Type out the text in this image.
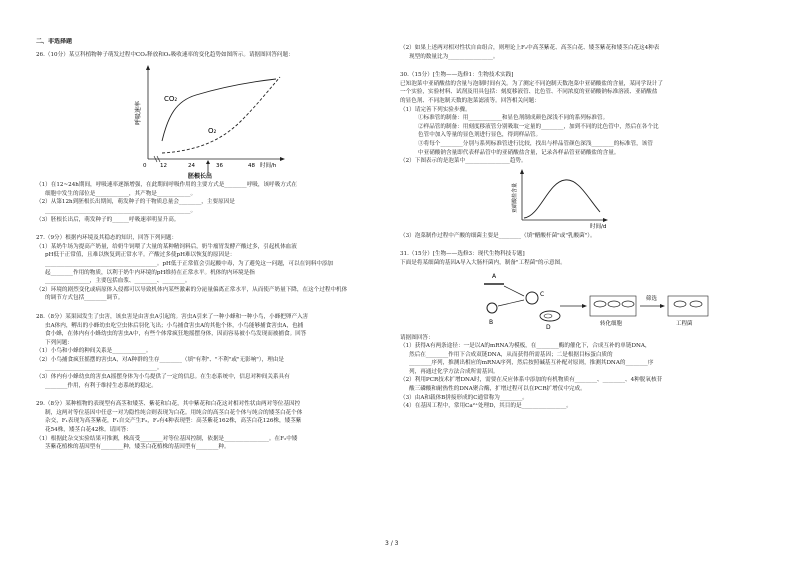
二、非选择题
26.（10分）某豆科植物种子萌发过程中CO₂释放和O₂吸收速率的变化趋势如图所示。请据图回答问题：
呼吸速率
CO₂
O₂
0 12	24	36	48 时间/h
胚根长出
（1）在12~24h期间，呼吸速率逐渐增强，在此期间呼吸作用的主要方式是________呼吸，该呼吸方式在
细胞中发生的部位是____________，其产物是____________。
（2）从第12h到胚根长出期间，萌发种子的干物质总量会________，主要原因是
____________________________________________________。
（3）胚根长出后，萌发种子的______呼吸速率明显升高。
27.（9分）根据内环境及其稳态的知识，回答下列问题：
（1）某奶牛场为提高产奶量，给奶牛饲喂了大量的某种精饲料后，奶牛瘤胃发酵产酸过多，引起机体血液
pH低于正常值，且难以恢复到正常水平。产酸过多使pH难以恢复的原因是：
________________________________________。pH低于正常值会引起酸中毒，为了避免这一问题，可以在饲料中添加
起________作用的物质，以利于奶牛内环境的pH维持在正常水平。机体的内环境是指
________________，主要包括血浆、________、________。
（2）环境的剧烈变化或病原体入侵都可以导致机体内某些激素的分泌量偏离正常水平，从而使产奶量下降，在这个过程中机体
的调节方式包括________调节。
28.（8分）某果园发生了虫害，该虫害是由害虫A引起的。害虫A引来了一种小蜂和一种小鸟，小蜂把卵产入害
虫A体内，孵出的小蜂幼虫吃空虫体后羽化飞出；小鸟捕食害虫A的其他个体，小鸟能够捕食害虫A，也捕
食小蜂，在体内有小蜂幼虫的害虫A中，有些个体常疯狂地摇摆身体，因而容易被小鸟发现而被捕食。回答
下列问题：
（1）小鸟和小蜂的种间关系是____________。
（2）小鸟捕食疯狂摇摆的害虫A，对A种群的生存________（填"有利"、"不利"或"无影响"），理由是
________________________________________。
（3）体内有小蜂幼虫的害虫A摇摆身体为小鸟提供了一定的信息。在生态系统中，信息对种间关系具有
________作用，有利于维持生态系统的稳定。
29.（8分）某种植物的表现型有高茎和矮茎、紫花和白花，其中紫花和白花这对相对性状由两对等位基因控
制，这两对等位基因中任意一对为隐性纯合则表现为白花。用纯合的高茎白花个体与纯合的矮茎白花个体
杂交，F₁表现为高茎紫花，F₁自交产生F₂，F₂有4种表现型：高茎紫花162株，高茎白花126株，矮茎紫
花54株，矮茎白花42株。请回答：
（1）根据此杂交实验结果可推测，株高受________对等位基因控制，依据是________________。在F₂中矮
茎紫花植株的基因型有________种，矮茎白花植株的基因型有________种。
（2）如果上述两对相对性状自由组合，则理论上F₂中高茎紫花、高茎白花、矮茎紫花和矮茎白花这4种表
现型的数量比为________________。
30.（15分）[生物——选修1：生物技术实践]
已知泡菜中亚硝酸盐的含量与泡制时间有关。为了测定不同泡制天数泡菜中亚硝酸盐的含量，某同学设计了
一个实验，实验材料、试剂及用具包括：刻度移液管、比色管、不同浓度的亚硝酸钠标准溶液、亚硝酸盐
的显色剂、不同泡制天数的泡菜滤液等。回答相关问题：
（1）请完善下列实验步骤。
①标准管的制备：用____________和显色剂制成颜色深浅不同的系列标准管。
②样品管的制备：用刻度移液管分别吸取一定量的________，加到不同的比色管中，然后在各个比
色管中加入等量的显色剂进行显色，得到样品管。
③将每个________分别与系列标准管进行比较，找出与样品管颜色深浅________的标准管，该管
中亚硝酸钠含量即代表样品管中的亚硝酸盐含量，记录各样品管亚硝酸盐的含量。
（2）下图表示的是泡菜中________________趋势。
亚硝酸盐含量
时间/d
（3）泡菜制作过程中产酸的细菌主要是________（填"醋酸杆菌"或"乳酸菌"）。
31.（15分）[生物——选修3：现代生物科技专题]
下面是将某细菌的基因A导入大肠杆菌内，制备"工程菌"的示意图。
A
B
C
D	转化细胞
筛选
工程菌
请据图回答：
（1）获得A有两条途径：一是以A的mRNA为模板，在________酶的催化下，合成互补的单链DNA，
然后在________作用下合成双链DNA，从而获得所需基因；二是根据目标蛋白质的
________序列，推测出相应的mRNA序列，然后按照碱基互补配对原则，推测其DNA的________序
列，再通过化学方法合成所需基因。
（2）利用PCR技术扩增DNA时，需要在反应体系中添加的有机物质有________、________、4种脱氧核苷
酸三磷酸和耐热性的DNA聚合酶，扩增过程可以在PCR扩增仪中完成。
（3）由A和载体B拼接形成的C通常称为________。
（4）在基因工程中，常用Ca²⁺处理D，其目的是________________。
3 / 3
